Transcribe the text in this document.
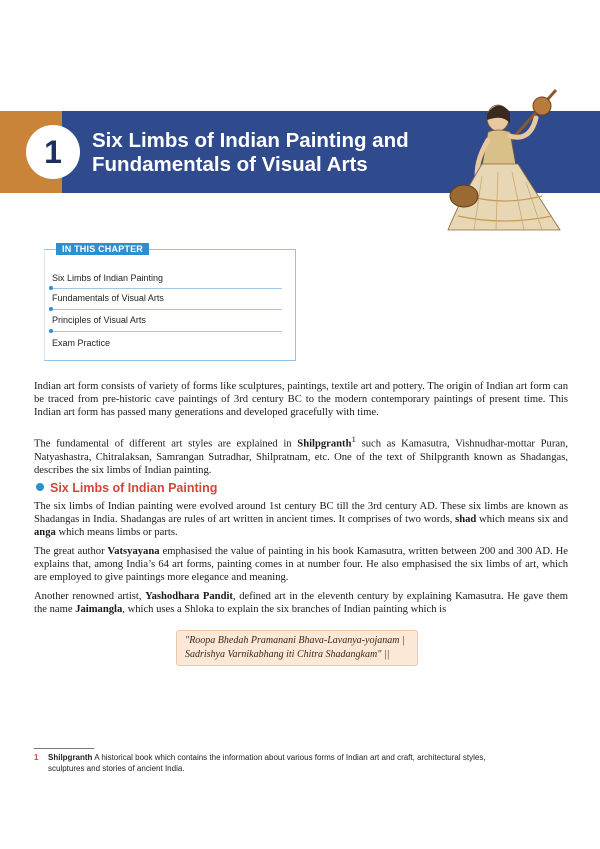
1	Six Limbs of Indian Painting and Fundamentals of Visual Arts
IN THIS CHAPTER
Six Limbs of Indian Painting
Fundamentals of Visual Arts
Principles of Visual Arts
Exam Practice

Indian art form consists of variety of forms like sculptures, paintings, textile art and pottery. The origin of Indian art form can be traced from pre-historic cave paintings of 3rd century BC to the modern contemporary paintings of present time. This Indian art form has passed many generations and developed gracefully with time.

The fundamental of different art styles are explained in Shilpgranth$^1$ such as Kamasutra, Vishnudhar-mottar Puran, Natyashastra, Chitralaksan, Samrangan Sutradhar, Shilpratnam, etc. One of the text of Shilpgranth known as Shadangas, describes the six limbs of Indian painting.

Six Limbs of Indian Painting

The six limbs of Indian painting were evolved around 1st century BC till the 3rd century AD. These six limbs are known as Shadangas in India. Shadangas are rules of art written in ancient times. It comprises of two words, shad which means six and anga which means limbs or parts.

The great author Vatsyayana emphasised the value of painting in his book Kamasutra, written between 200 and 300 AD. He explains that, among India’s 64 art forms, painting comes in at number four. He also emphasised the six limbs of art, which are employed to give paintings more elegance and meaning.

Another renowned artist, Yashodhara Pandit, defined art in the eleventh century by explaining Kamasutra. He gave them the name Jaimangla, which uses a Shloka to explain the six branches of Indian painting which is

"Roopa Bhedah Pramanani Bhava-Lavanya-yojanam |

Sadrishya Varnikabhang iti Chitra Shadangkam" ||

1 Shilpgranth A historical book which contains the information about various forms of Indian art and craft, architectural styles, sculptures and stories of ancient India.
